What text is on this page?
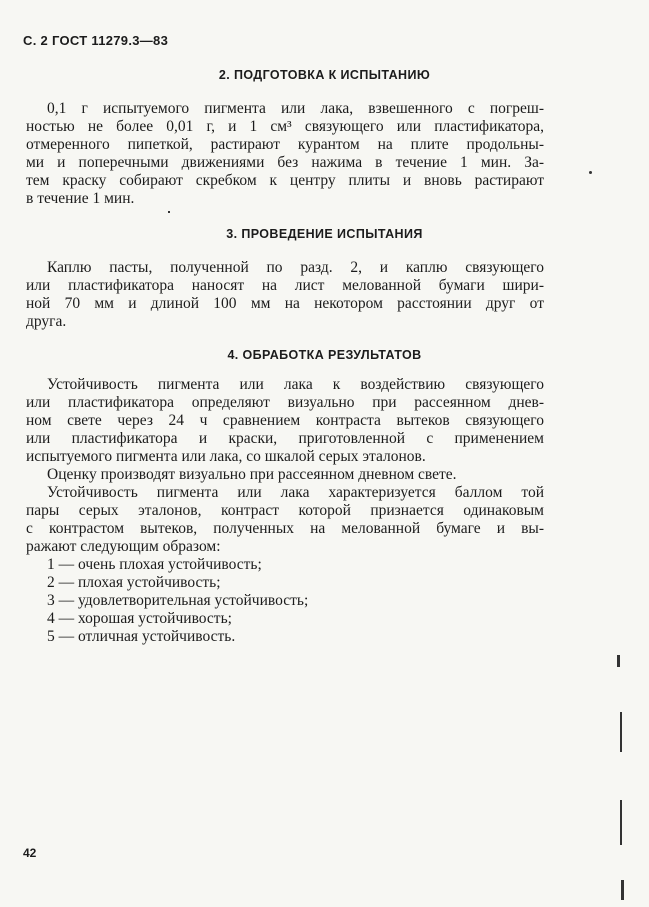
С. 2 ГОСТ 11279.3—83
2. ПОДГОТОВКА К ИСПЫТАНИЮ
0,1 г испытуемого пигмента или лака, взвешенного с погреш-
ностью не более 0,01 г, и 1 см³ связующего или пластификатора,
отмеренного пипеткой, растирают курантом на плите продольны-
ми и поперечными движениями без нажима в течение 1 мин. За-
тем краску собирают скребком к центру плиты и вновь растирают
в течение 1 мин.
3. ПРОВЕДЕНИЕ ИСПЫТАНИЯ
Каплю пасты, полученной по разд. 2, и каплю связующего
или пластификатора наносят на лист мелованной бумаги шири-
ной 70 мм и длиной 100 мм на некотором расстоянии друг от
друга.
4. ОБРАБОТКА РЕЗУЛЬТАТОВ
Устойчивость пигмента или лака к воздействию связующего
или пластификатора определяют визуально при рассеянном днев-
ном свете через 24 ч сравнением контраста вытеков связующего
или пластификатора и краски, приготовленной с применением
испытуемого пигмента или лака, со шкалой серых эталонов.
Оценку производят визуально при рассеянном дневном свете.
Устойчивость пигмента или лака характеризуется баллом той
пары серых эталонов, контраст которой признается одинаковым
с контрастом вытеков, полученных на мелованной бумаге и вы-
ражают следующим образом:
1 — очень плохая устойчивость;
2 — плохая устойчивость;
3 — удовлетворительная устойчивость;
4 — хорошая устойчивость;
5 — отличная устойчивость.
42
